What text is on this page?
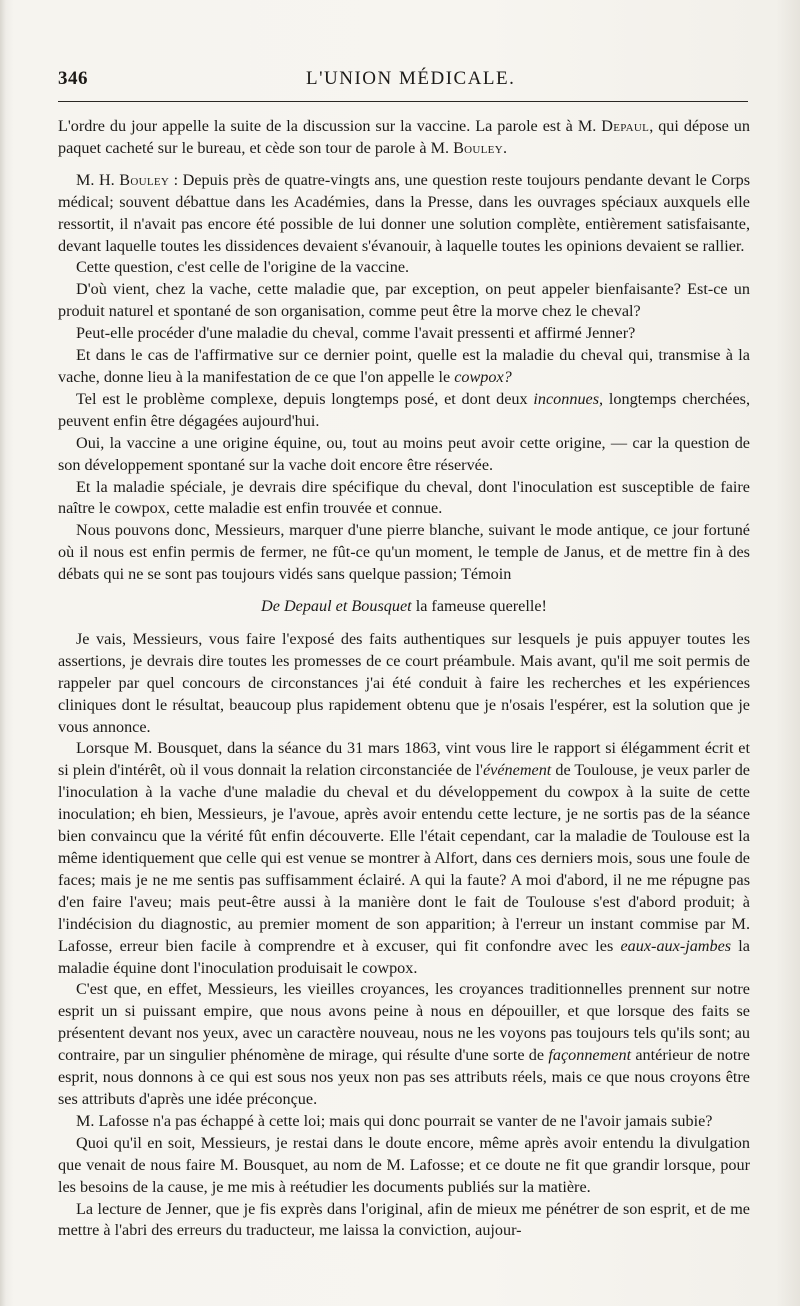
346	L'UNION MÉDICALE.

L'ordre du jour appelle la suite de la discussion sur la vaccine. La parole est à M. Depaul, qui dépose un paquet cacheté sur le bureau, et cède son tour de parole à M. Bouley.

M. H. Bouley : Depuis près de quatre-vingts ans, une question reste toujours pendante devant le Corps médical; souvent débattue dans les Académies, dans la Presse, dans les ouvrages spéciaux auxquels elle ressortit, il n'avait pas encore été possible de lui donner une solution complète, entièrement satisfaisante, devant laquelle toutes les dissidences devaient s'évanouir, à laquelle toutes les opinions devaient se rallier.

Cette question, c'est celle de l'origine de la vaccine.

D'où vient, chez la vache, cette maladie que, par exception, on peut appeler bienfaisante? Est-ce un produit naturel et spontané de son organisation, comme peut être la morve chez le cheval?

Peut-elle procéder d'une maladie du cheval, comme l'avait pressenti et affirmé Jenner?

Et dans le cas de l'affirmative sur ce dernier point, quelle est la maladie du cheval qui, transmise à la vache, donne lieu à la manifestation de ce que l'on appelle le cowpox?

Tel est le problème complexe, depuis longtemps posé, et dont deux inconnues, longtemps cherchées, peuvent enfin être dégagées aujourd'hui.

Oui, la vaccine a une origine équine, ou, tout au moins peut avoir cette origine, — car la question de son développement spontané sur la vache doit encore être réservée.

Et la maladie spéciale, je devrais dire spécifique du cheval, dont l'inoculation est susceptible de faire naître le cowpox, cette maladie est enfin trouvée et connue.

Nous pouvons donc, Messieurs, marquer d'une pierre blanche, suivant le mode antique, ce jour fortuné où il nous est enfin permis de fermer, ne fût-ce qu'un moment, le temple de Janus, et de mettre fin à des débats qui ne se sont pas toujours vidés sans quelque passion; Témoin

De Depaul et Bousquet la fameuse querelle!

Je vais, Messieurs, vous faire l'exposé des faits authentiques sur lesquels je puis appuyer toutes les assertions, je devrais dire toutes les promesses de ce court préambule. Mais avant, qu'il me soit permis de rappeler par quel concours de circonstances j'ai été conduit à faire les recherches et les expériences cliniques dont le résultat, beaucoup plus rapidement obtenu que je n'osais l'espérer, est la solution que je vous annonce.

Lorsque M. Bousquet, dans la séance du 31 mars 1863, vint vous lire le rapport si élégamment écrit et si plein d'intérêt, où il vous donnait la relation circonstanciée de l'événement de Toulouse, je veux parler de l'inoculation à la vache d'une maladie du cheval et du développement du cowpox à la suite de cette inoculation; eh bien, Messieurs, je l'avoue, après avoir entendu cette lecture, je ne sortis pas de la séance bien convaincu que la vérité fût enfin découverte. Elle l'était cependant, car la maladie de Toulouse est la même identiquement que celle qui est venue se montrer à Alfort, dans ces derniers mois, sous une foule de faces; mais je ne me sentis pas suffisamment éclairé. A qui la faute? A moi d'abord, il ne me répugne pas d'en faire l'aveu; mais peut-être aussi à la manière dont le fait de Toulouse s'est d'abord produit; à l'indécision du diagnostic, au premier moment de son apparition; à l'erreur un instant commise par M. Lafosse, erreur bien facile à comprendre et à excuser, qui fit confondre avec les eaux-aux-jambes la maladie équine dont l'inoculation produisait le cowpox.

C'est que, en effet, Messieurs, les vieilles croyances, les croyances traditionnelles prennent sur notre esprit un si puissant empire, que nous avons peine à nous en dépouiller, et que lorsque des faits se présentent devant nos yeux, avec un caractère nouveau, nous ne les voyons pas toujours tels qu'ils sont; au contraire, par un singulier phénomène de mirage, qui résulte d'une sorte de façonnement antérieur de notre esprit, nous donnons à ce qui est sous nos yeux non pas ses attributs réels, mais ce que nous croyons être ses attributs d'après une idée préconçue.

M. Lafosse n'a pas échappé à cette loi; mais qui donc pourrait se vanter de ne l'avoir jamais subie?

Quoi qu'il en soit, Messieurs, je restai dans le doute encore, même après avoir entendu la divulgation que venait de nous faire M. Bousquet, au nom de M. Lafosse; et ce doute ne fit que grandir lorsque, pour les besoins de la cause, je me mis à reétudier les documents publiés sur la matière.

La lecture de Jenner, que je fis exprès dans l'original, afin de mieux me pénétrer de son esprit, et de me mettre à l'abri des erreurs du traducteur, me laissa la conviction, aujour-
